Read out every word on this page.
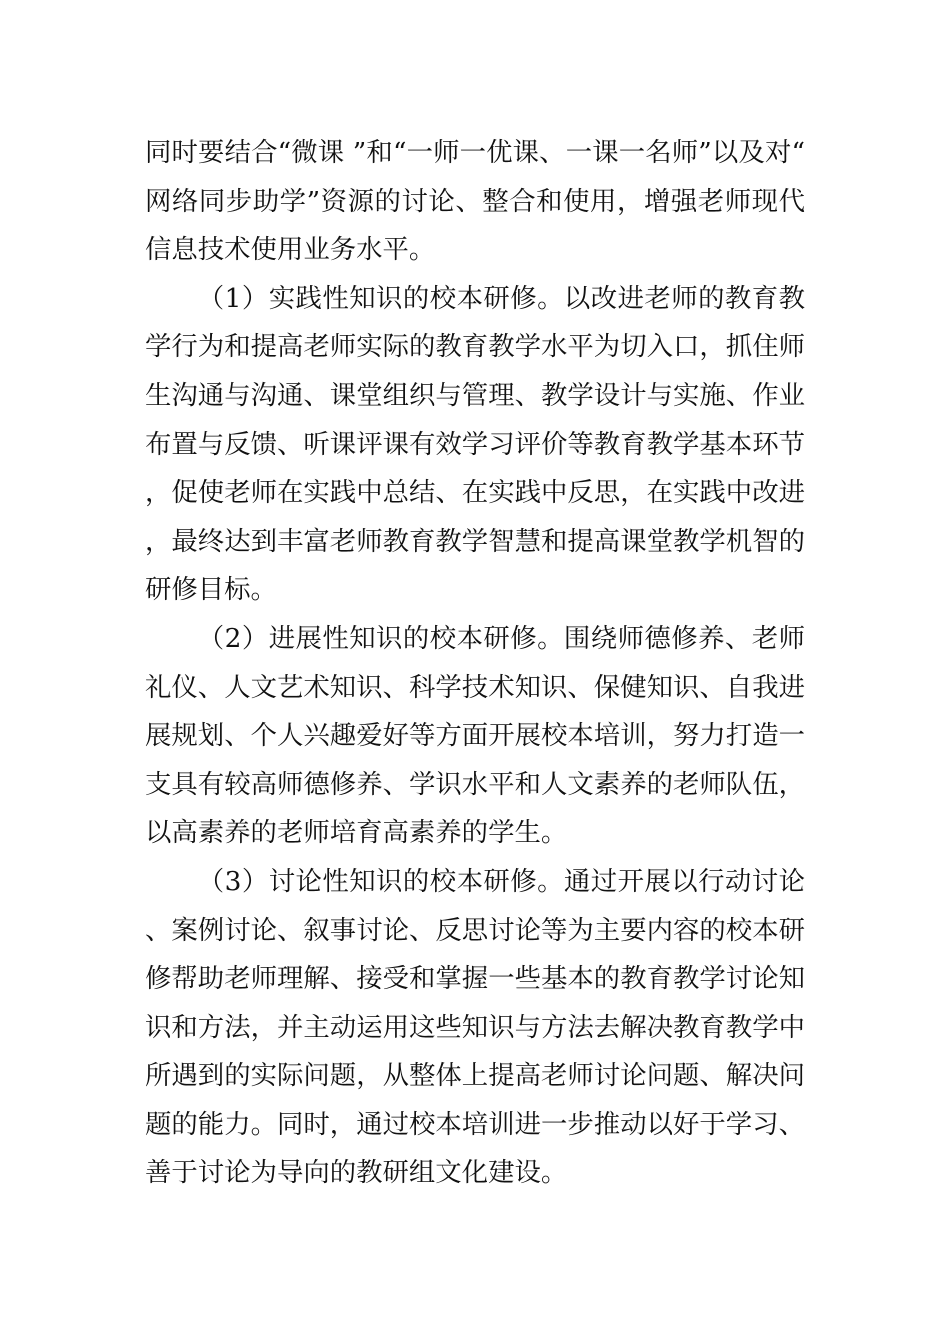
同时要结合“微课 ”和“一师一优课、一课一名师”以及对“网络同步助学”资源的讨论、整合和使用，增强老师现代信息技术使用业务水平。

（1）实践性知识的校本研修。以改进老师的教育教学行为和提高老师实际的教育教学水平为切入口，抓住师生沟通与沟通、课堂组织与管理、教学设计与实施、作业布置与反馈、听课评课有效学习评价等教育教学基本环节，促使老师在实践中总结、在实践中反思，在实践中改进，最终达到丰富老师教育教学智慧和提高课堂教学机智的研修目标。

（2）进展性知识的校本研修。围绕师德修养、老师礼仪、人文艺术知识、科学技术知识、保健知识、自我进展规划、个人兴趣爱好等方面开展校本培训，努力打造一支具有较高师德修养、学识水平和人文素养的老师队伍，以高素养的老师培育高素养的学生。

（3）讨论性知识的校本研修。通过开展以行动讨论、案例讨论、叙事讨论、反思讨论等为主要内容的校本研修帮助老师理解、接受和掌握一些基本的教育教学讨论知识和方法，并主动运用这些知识与方法去解决教育教学中所遇到的实际问题，从整体上提高老师讨论问题、解决问题的能力。同时，通过校本培训进一步推动以好于学习、善于讨论为导向的教研组文化建设。
